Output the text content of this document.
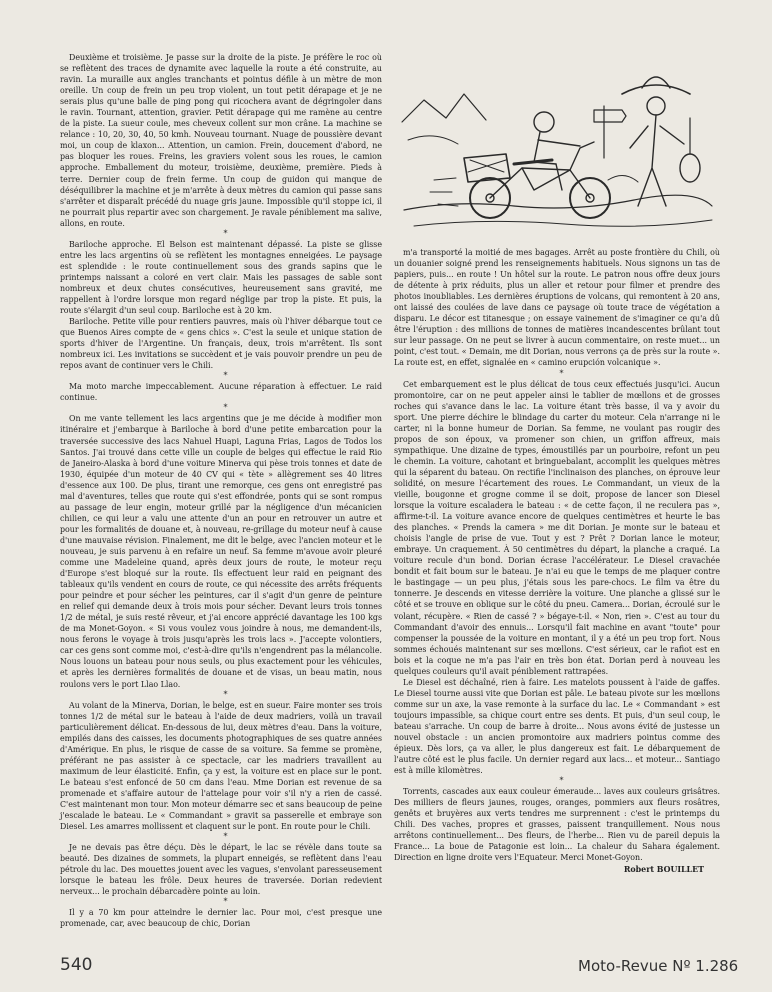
Deuxième et troisième. Je passe sur la droite de la piste. Je préfère le roc où se reflètent des traces de dynamite avec laquelle la route a été construite, au ravin. La muraille aux angles tranchants et pointus défile à un mètre de mon oreille. Un coup de frein un peu trop violent, un tout petit dérapage et je ne serais plus qu'une balle de ping pong qui ricochera avant de dégringoler dans le ravin. Tournant, attention, gravier. Petit dérapage qui me ramène au centre de la piste. La sueur coule, mes cheveux collent sur mon crâne. La machine se relance : 10, 20, 30, 40, 50 kmh. Nouveau tournant. Nuage de poussière devant moi, un coup de klaxon... Attention, un camion. Frein, doucement d'abord, ne pas bloquer les roues. Freins, les graviers volent sous les roues, le camion approche. Emballement du moteur, troisième, deuxième, première. Pieds à terre. Dernier coup de frein ferme. Un coup de guidon qui manque de déséquilibrer la machine et je m'arrête à deux mètres du camion qui passe sans s'arrêter et disparaît précédé du nuage gris jaune. Impossible qu'il stoppe ici, il ne pourrait plus repartir avec son chargement. Je ravale péniblement ma salive, allons, en route.

*

Bariloche approche. El Belson est maintenant dépassé. La piste se glisse entre les lacs argentins où se reflètent les montagnes enneigées. Le paysage est splendide : le route continuellement sous des grands sapins que le printemps naissant a coloré en vert clair. Mais les passages de sable sont nombreux et deux chutes consécutives, heureusement sans gravité, me rappellent à l'ordre lorsque mon regard néglige par trop la piste. Et puis, la route s'élargit d'un seul coup. Bariloche est à 20 km.

Bariloche. Petite ville pour rentiers pauvres, mais où l'hiver débarque tout ce que Buenos Aires compte de « gens chics ». C'est la seule et unique station de sports d'hiver de l'Argentine. Un français, deux, trois m'arrêtent. Ils sont nombreux ici. Les invitations se succèdent et je vais pouvoir prendre un peu de repos avant de continuer vers le Chili.

*

Ma moto marche impeccablement. Aucune réparation à effectuer. Le raid continue.

*

On me vante tellement les lacs argentins que je me décide à modifier mon itinéraire et j'embarque à Bariloche à bord d'une petite embarcation pour la traversée successive des lacs Nahuel Huapi, Laguna Frias, Lagos de Todos los Santos. J'ai trouvé dans cette ville un couple de belges qui effectue le raid Rio de Janeiro-Alaska à bord d'une voiture Minerva qui pèse trois tonnes et date de 1930, équipée d'un moteur de 40 CV qui « tète » allègrement ses 40 litres d'essence aux 100. De plus, tirant une remorque, ces gens ont enregistré pas mal d'aventures, telles que route qui s'est effondrée, ponts qui se sont rompus au passage de leur engin, moteur grillé par la négligence d'un mécanicien chilien, ce qui leur a valu une attente d'un an pour en retrouver un autre et pour les formalités de douane et, à nouveau, re-grillage du moteur neuf à cause d'une mauvaise révision. Finalement, me dit le belge, avec l'ancien moteur et le nouveau, je suis parvenu à en refaire un neuf. Sa femme m'avoue avoir pleuré comme une Madeleine quand, après deux jours de route, le moteur reçu d'Europe s'est bloqué sur la route. Ils effectuent leur raid en peignant des tableaux qu'ils vendent en cours de route, ce qui nécessite des arrêts fréquents pour peindre et pour sécher les peintures, car il s'agit d'un genre de peinture en relief qui demande deux à trois mois pour sécher. Devant leurs trois tonnes 1/2 de métal, je suis resté rêveur, et j'ai encore apprécié davantage les 100 kgs de ma Monet-Goyon. « Si vous voulez vous joindre à nous, me demandent-ils, nous ferons le voyage à trois jusqu'après les trois lacs ». J'accepte volontiers, car ces gens sont comme moi, c'est-à-dire qu'ils n'engendrent pas la mélancolie. Nous louons un bateau pour nous seuls, ou plus exactement pour les véhicules, et après les dernières formalités de douane et de visas, un beau matin, nous roulons vers le port Llao Llao.

*

Au volant de la Minerva, Dorian, le belge, est en sueur. Faire monter ses trois tonnes 1/2 de métal sur le bateau à l'aide de deux madriers, voilà un travail particulièrement délicat. En-dessous de lui, deux mètres d'eau. Dans la voiture, empilés dans des caisses, les documents photographiques de ses quatre années d'Amérique. En plus, le risque de casse de sa voiture. Sa femme se promène, préférant ne pas assister à ce spectacle, car les madriers travaillent au maximum de leur élasticité. Enfin, ça y est, la voiture est en place sur le pont. Le bateau s'est enfoncé de 50 cm dans l'eau. Mme Dorian est revenue de sa promenade et s'affaire autour de l'attelage pour voir s'il n'y a rien de cassé. C'est maintenant mon tour. Mon moteur démarre sec et sans beaucoup de peine j'escalade le bateau. Le « Commandant » gravit sa passerelle et embraye son Diesel. Les amarres mollissent et claquent sur le pont. En route pour le Chili.

*

Je ne devais pas être déçu. Dès le départ, le lac se révèle dans toute sa beauté. Des dizaines de sommets, la plupart enneigés, se reflètent dans l'eau pétrole du lac. Des mouettes jouent avec les vagues, s'envolant paresseusement lorsque le bateau les frôle. Deux heures de traversée. Dorian redevient nerveux... le prochain débarcadère pointe au loin.

*

Il y a 70 km pour atteindre le dernier lac. Pour moi, c'est presque une promenade, car, avec beaucoup de chic, Dorian

m'a transporté la moitié de mes bagages. Arrêt au poste frontière du Chili, où un douanier soigné prend les renseignements habituels. Nous signons un tas de papiers, puis... en route ! Un hôtel sur la route. Le patron nous offre deux jours de détente à prix réduits, plus un aller et retour pour filmer et prendre des photos inoubliables. Les dernières éruptions de volcans, qui remontent à 20 ans, ont laissé des coulées de lave dans ce paysage où toute trace de végétation a disparu. Le décor est titanesque ; on essaye vainement de s'imaginer ce qu'a dû être l'éruption : des millions de tonnes de matières incandescentes brûlant tout sur leur passage. On ne peut se livrer à aucun commentaire, on reste muet... un point, c'est tout. « Demain, me dit Dorian, nous verrons ça de près sur la route ». La route est, en effet, signalée en « camino erupción volcanique ».

*

Cet embarquement est le plus délicat de tous ceux effectués jusqu'ici. Aucun promontoire, car on ne peut appeler ainsi le tablier de mœllons et de grosses roches qui s'avance dans le lac. La voiture étant très basse, il va y avoir du sport. Une pierre déchire le blindage du carter du moteur. Cela n'arrange ni le carter, ni la bonne humeur de Dorian. Sa femme, ne voulant pas rougir des propos de son époux, va promener son chien, un griffon affreux, mais sympathique. Une dizaine de types, émoustillés par un pourboire, refont un peu le chemin. La voiture, cahotant et bringuebalant, accomplit les quelques mètres qui la séparent du bateau. On rectifie l'inclinaison des planches, on éprouve leur solidité, on mesure l'écartement des roues. Le Commandant, un vieux de la vieille, bougonne et grogne comme il se doit, propose de lancer son Diesel lorsque la voiture escaladera le bateau : « de cette façon, il ne reculera pas », affirme-t-il. La voiture avance encore de quelques centimètres et heurte le bas des planches. « Prends la camera » me dit Dorian. Je monte sur le bateau et choisis l'angle de prise de vue. Tout y est ? Prêt ? Dorian lance le moteur, embraye. Un craquement. À 50 centimètres du départ, la planche a craqué. La voiture recule d'un bond. Dorian écrase l'accélérateur. Le Diesel cravachée bondit et fait boum sur le bateau. Je n'ai eu que le temps de me plaquer contre le bastingage — un peu plus, j'étais sous les pare-chocs. Le film va être du tonnerre. Je descends en vitesse derrière la voiture. Une planche a glissé sur le côté et se trouve en oblique sur le côté du pneu. Camera... Dorian, écroulé sur le volant, récupère. « Rien de cassé ? » bégaye-t-il. « Non, rien ». C'est au tour du Commandant d'avoir des ennuis... Lorsqu'il fait machine en avant "toute" pour compenser la poussée de la voiture en montant, il y a été un peu trop fort. Nous sommes échoués maintenant sur ses mœllons. C'est sérieux, car le rafiot est en bois et la coque ne m'a pas l'air en très bon état. Dorian perd à nouveau les quelques couleurs qu'il avait péniblement rattrapées.

Le Diesel est déchaîné, rien à faire. Les matelots poussent à l'aide de gaffes. Le Diesel tourne aussi vite que Dorian est pâle. Le bateau pivote sur les mœllons comme sur un axe, la vase remonte à la surface du lac. Le « Commandant » est toujours impassible, sa chique court entre ses dents. Et puis, d'un seul coup, le bateau s'arrache. Un coup de barre à droite... Nous avons évité de justesse un nouvel obstacle : un ancien promontoire aux madriers pointus comme des épieux. Dès lors, ça va aller, le plus dangereux est fait. Le débarquement de l'autre côté est le plus facile. Un dernier regard aux lacs... et moteur... Santiago est à mille kilomètres.

*

Torrents, cascades aux eaux couleur émeraude... laves aux couleurs grisâtres. Des milliers de fleurs jaunes, rouges, oranges, pommiers aux fleurs rosâtres, genêts et bruyères aux verts tendres me surprennent : c'est le printemps du Chili. Des vaches, propres et grasses, paissent tranquillement. Nous nous arrêtons continuellement... Des fleurs, de l'herbe... Rien vu de pareil depuis la France... La boue de Patagonie est loin... La chaleur du Sahara également. Direction en ligne droite vers l'Equateur. Merci Monet-Goyon.

Robert BOUILLET

540	Moto-Revue Nº 1.286
